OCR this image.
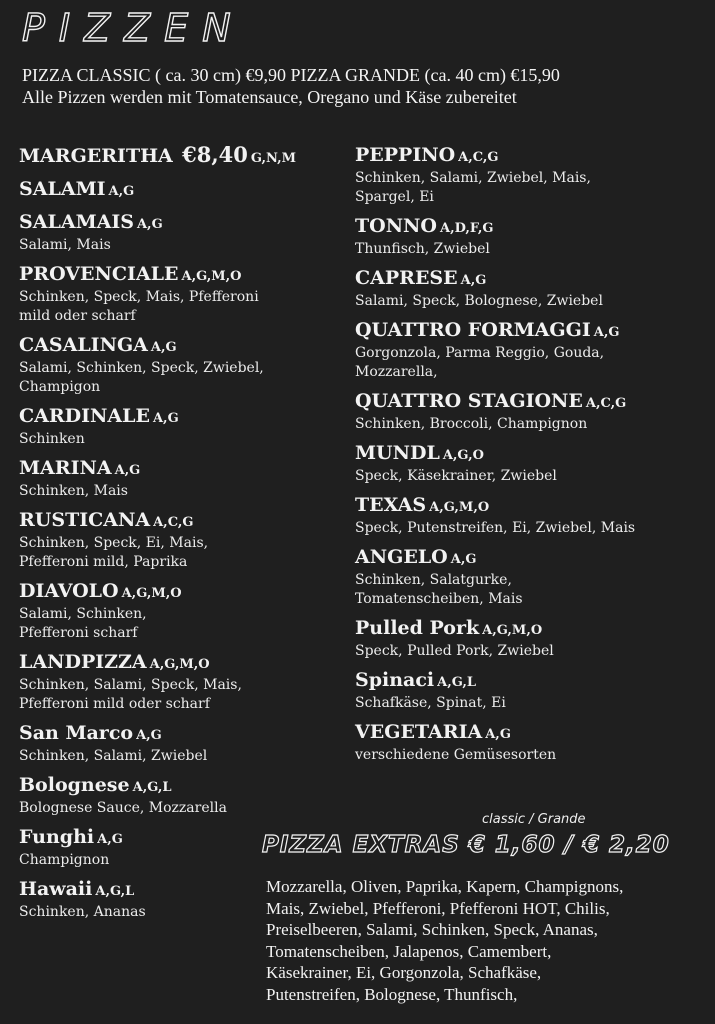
PIZZEN
PIZZA CLASSIC ( ca. 30 cm) €9,90 PIZZA GRANDE (ca. 40 cm) €15,90
Alle Pizzen werden mit Tomatensauce, Oregano und Käse zubereitet
MARGERITHA €8,40 G,N,M
SALAMI A,G
SALAMAIS A,G
Salami, Mais
PROVENCIALE A,G,M,O
Schinken, Speck, Mais, Pfefferoni
mild oder scharf
CASALINGA A,G
Salami, Schinken, Speck, Zwiebel,
Champigon
CARDINALE A,G
Schinken
MARINA A,G
Schinken, Mais
RUSTICANA A,C,G
Schinken, Speck, Ei, Mais,
Pfefferoni mild, Paprika
DIAVOLO A,G,M,O
Salami, Schinken,
Pfefferoni scharf
LANDPIZZA A,G,M,O
Schinken, Salami, Speck, Mais,
Pfefferoni mild oder scharf
San Marco A,G
Schinken, Salami, Zwiebel
Bolognese A,G,L
Bolognese Sauce, Mozzarella
Funghi A,G
Champignon
Hawaii A,G,L
Schinken, Ananas
PEPPINO A,C,G
Schinken, Salami, Zwiebel, Mais,
Spargel, Ei
TONNO A,D,F,G
Thunfisch, Zwiebel
CAPRESE A,G
Salami, Speck, Bolognese, Zwiebel
QUATTRO FORMAGGI A,G
Gorgonzola, Parma Reggio, Gouda,
Mozzarella,
QUATTRO STAGIONE A,C,G
Schinken, Broccoli, Champignon
MUNDL A,G,O
Speck, Käsekrainer, Zwiebel
TEXAS A,G,M,O
Speck, Putenstreifen, Ei, Zwiebel, Mais
ANGELO A,G
Schinken, Salatgurke,
Tomatenscheiben, Mais
Pulled Pork A,G,M,O
Speck, Pulled Pork, Zwiebel
Spinaci A,G,L
Schafkäse, Spinat, Ei
VEGETARIA A,G
verschiedene Gemüsesorten
classic / Grande
PIZZA EXTRAS € 1,60 / € 2,20
Mozzarella, Oliven, Paprika, Kapern, Champignons,
Mais, Zwiebel, Pfefferoni, Pfefferoni HOT, Chilis,
Preiselbeeren, Salami, Schinken, Speck, Ananas,
Tomatenscheiben, Jalapenos, Camembert,
Käsekrainer, Ei, Gorgonzola, Schafkäse,
Putenstreifen, Bolognese, Thunfisch,
